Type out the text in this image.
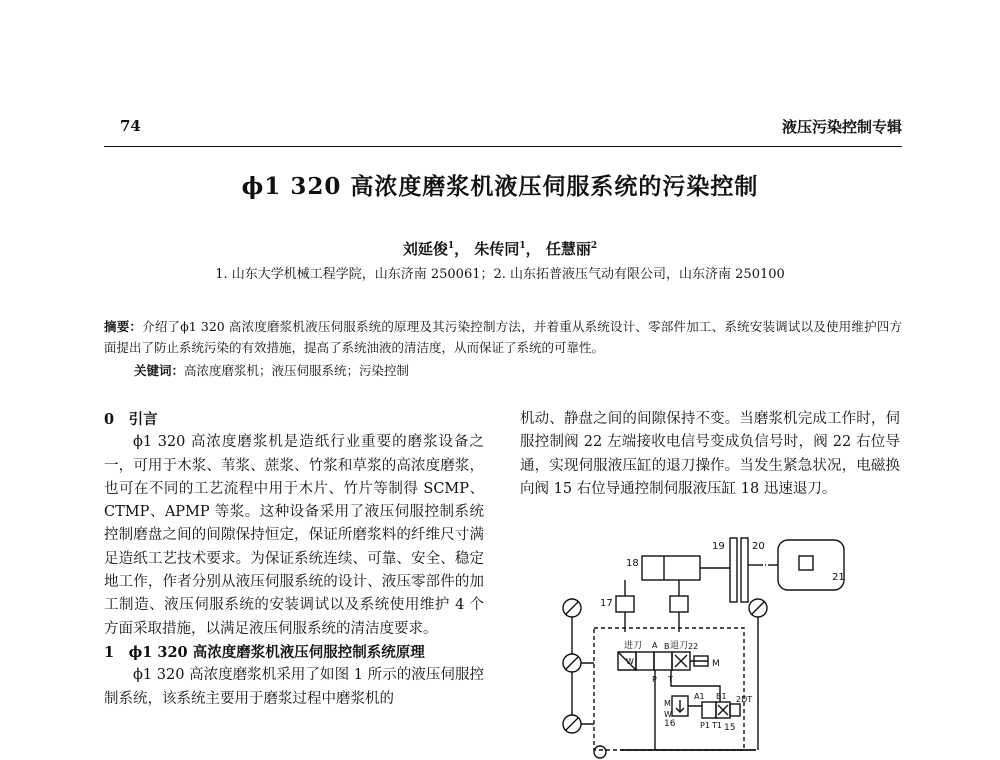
74	液压污染控制专辑
ϕ1 320 高浓度磨浆机液压伺服系统的污染控制
刘延俊$^1$， 朱传同$^1$， 任慧丽$^2$
1. 山东大学机械工程学院，山东济南 250061；2. 山东拓普液压气动有限公司，山东济南 250100
摘要：介绍了ϕ1 320 高浓度磨浆机液压伺服系统的原理及其污染控制方法，并着重从系统设计、零部件加工、系统安装调试以及使用维护四方面提出了防止系统污染的有效措施，提高了系统油液的清洁度，从而保证了系统的可靠性。
关键词：高浓度磨浆机；液压伺服系统；污染控制

0　引言

ϕ1 320 高浓度磨浆机是造纸行业重要的磨浆设备之一，可用于木浆、苇浆、蔗浆、竹浆和草浆的高浓度磨浆，也可在不同的工艺流程中用于木片、竹片等制得 SCMP、CTMP、APMP 等浆。这种设备采用了液压伺服控制系统控制磨盘之间的间隙保持恒定，保证所磨浆料的纤维尺寸满足造纸工艺技术要求。为保证系统连续、可靠、安全、稳定地工作，作者分别从液压伺服系统的设计、液压零部件的加工制造、液压伺服系统的安装调试以及系统使用维护 4 个方面采取措施，以满足液压伺服系统的清洁度要求。

1　ϕ1 320 高浓度磨浆机液压伺服控制系统原理

ϕ1 320 高浓度磨浆机采用了如图 1 所示的液压伺服控制系统，该系统主要用于磨浆过程中磨浆机的

机动、静盘之间的间隙保持不变。当磨浆机完成工作时，伺服控制阀 22 左端接收电信号变成负信号时，阀 22 右位导通，实现伺服液压缸的退刀操作。当发生紧急状况，电磁换向阀 15 右位导通控制伺服液压缸 18 迅速退刀。

21
19	20
18
17
进刀	退刀
A B 22
W
P T
M
16
M
W
A1 B1 2DT
P1 T1 15
